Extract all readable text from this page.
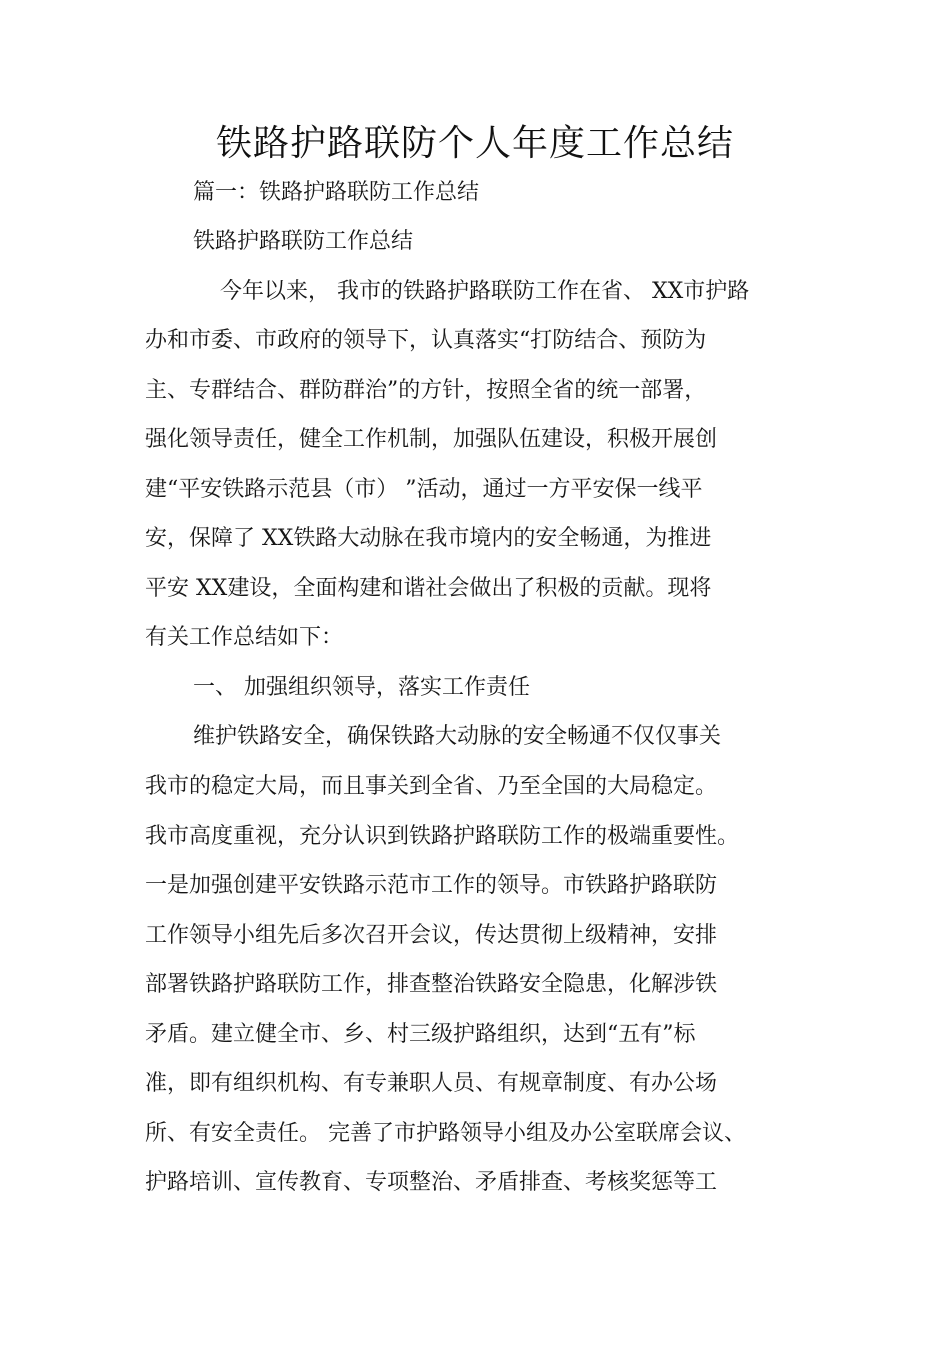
铁路护路联防个人年度工作总结
篇一：铁路护路联防工作总结
铁路护路联防工作总结
今年以来， 我市的铁路护路联防工作在省、 XX市护路
办和市委、市政府的领导下，认真落实“打防结合、预防为
主、专群结合、群防群治”的方针，按照全省的统一部署，
强化领导责任，健全工作机制，加强队伍建设，积极开展创
建“平安铁路示范县（市） ”活动，通过一方平安保一线平
安，保障了 XX铁路大动脉在我市境内的安全畅通，为推进
平安 XX建设，全面构建和谐社会做出了积极的贡献。现将
有关工作总结如下：
一、 加强组织领导，落实工作责任
维护铁路安全，确保铁路大动脉的安全畅通不仅仅事关
我市的稳定大局，而且事关到全省、乃至全国的大局稳定。
我市高度重视，充分认识到铁路护路联防工作的极端重要性。
一是加强创建平安铁路示范市工作的领导。市铁路护路联防
工作领导小组先后多次召开会议，传达贯彻上级精神，安排
部署铁路护路联防工作，排查整治铁路安全隐患，化解涉铁
矛盾。建立健全市、乡、村三级护路组织，达到“五有”标
准，即有组织机构、有专兼职人员、有规章制度、有办公场
所、有安全责任。 完善了市护路领导小组及办公室联席会议、
护路培训、宣传教育、专项整治、矛盾排查、考核奖惩等工
